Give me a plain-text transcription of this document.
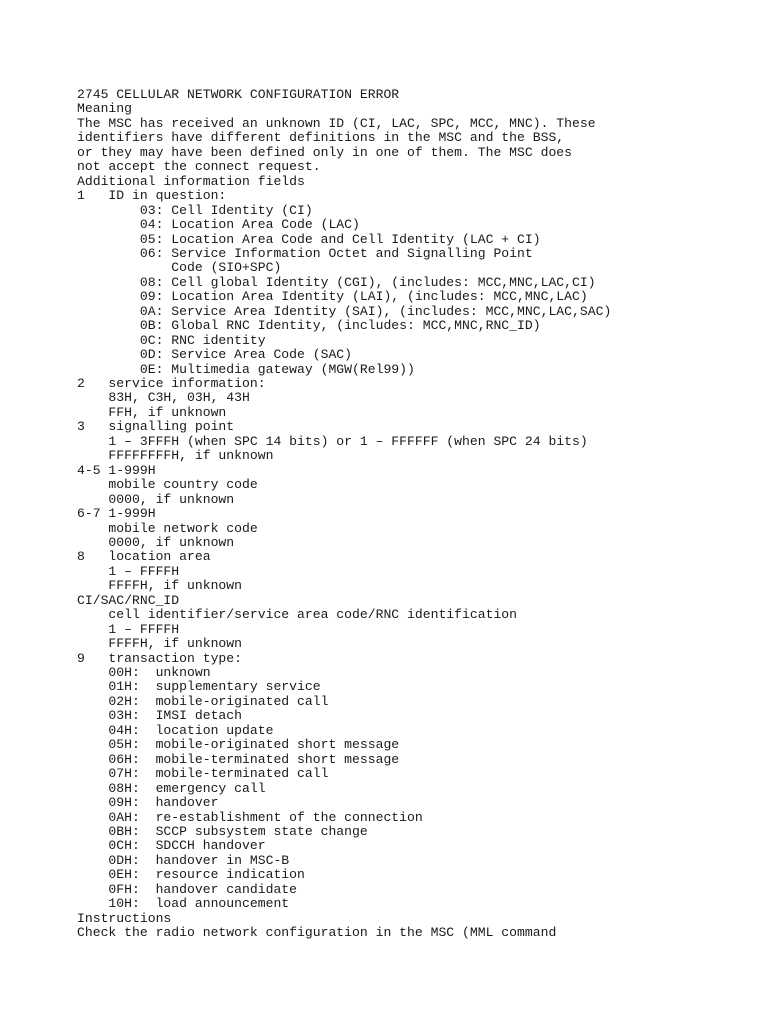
2745 CELLULAR NETWORK CONFIGURATION ERROR
Meaning
The MSC has received an unknown ID (CI, LAC, SPC, MCC, MNC). These
identifiers have different definitions in the MSC and the BSS,
or they may have been defined only in one of them. The MSC does
not accept the connect request.
Additional information fields
1   ID in question:
03: Cell Identity (CI)
04: Location Area Code (LAC)
05: Location Area Code and Cell Identity (LAC + CI)
06: Service Information Octet and Signalling Point
Code (SIO+SPC)
08: Cell global Identity (CGI), (includes: MCC,MNC,LAC,CI)
09: Location Area Identity (LAI), (includes: MCC,MNC,LAC)
0A: Service Area Identity (SAI), (includes: MCC,MNC,LAC,SAC)
0B: Global RNC Identity, (includes: MCC,MNC,RNC_ID)
0C: RNC identity
0D: Service Area Code (SAC)
0E: Multimedia gateway (MGW(Rel99))
2   service information:
83H, C3H, 03H, 43H
FFH, if unknown
3   signalling point
1 – 3FFFH (when SPC 14 bits) or 1 – FFFFFF (when SPC 24 bits)
FFFFFFFFH, if unknown
4-5 1-999H
mobile country code
0000, if unknown
6-7 1-999H
mobile network code
0000, if unknown
8   location area
1 – FFFFH
FFFFH, if unknown
CI/SAC/RNC_ID
cell identifier/service area code/RNC identification
1 – FFFFH
FFFFH, if unknown
9   transaction type:
00H:  unknown
01H:  supplementary service
02H:  mobile-originated call
03H:  IMSI detach
04H:  location update
05H:  mobile-originated short message
06H:  mobile-terminated short message
07H:  mobile-terminated call
08H:  emergency call
09H:  handover
0AH:  re-establishment of the connection
0BH:  SCCP subsystem state change
0CH:  SDCCH handover
0DH:  handover in MSC-B
0EH:  resource indication
0FH:  handover candidate
10H:  load announcement
Instructions
Check the radio network configuration in the MSC (MML command
